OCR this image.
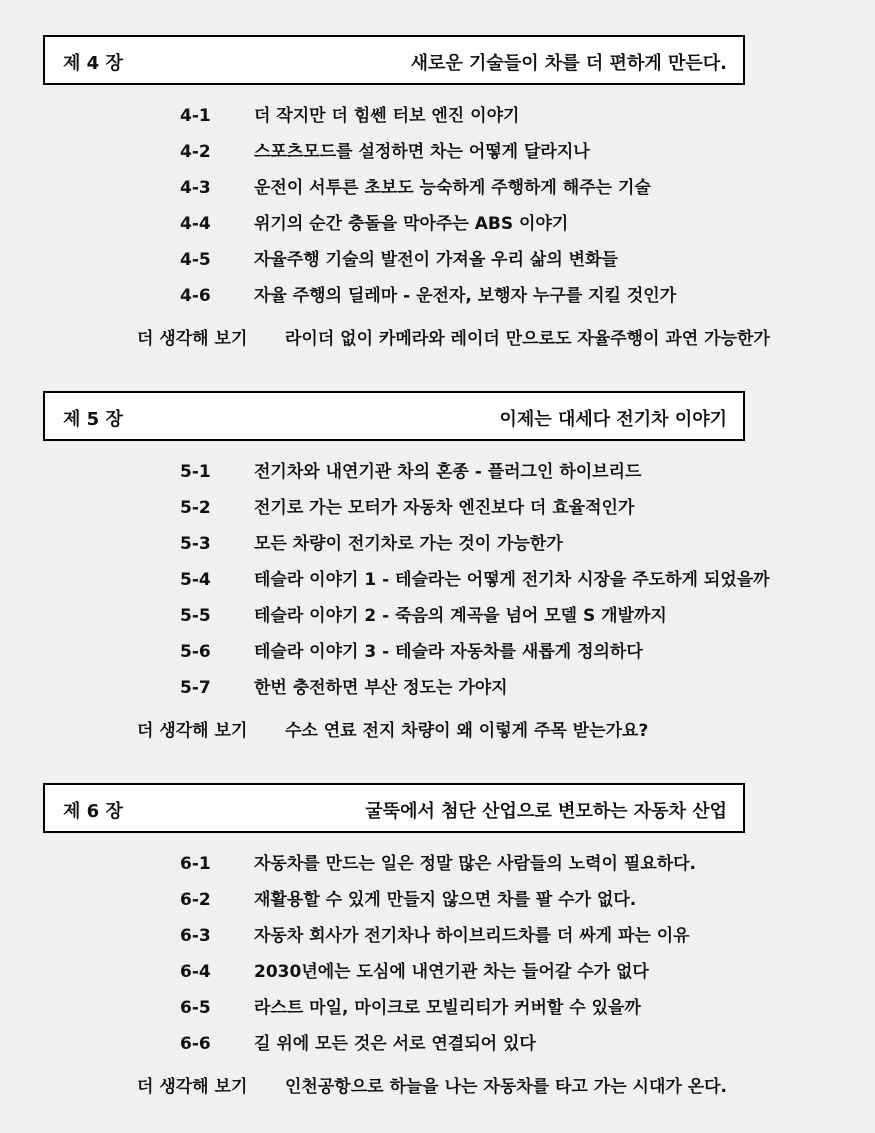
제 4 장	새로운 기술들이 차를 더 편하게 만든다.
4-1	더 작지만 더 힘쎈 터보 엔진 이야기
4-2	스포츠모드를 설정하면 차는 어떻게 달라지나
4-3	운전이 서투른 초보도 능숙하게 주행하게 해주는 기술
4-4	위기의 순간 충돌을 막아주는 ABS 이야기
4-5	자율주행 기술의 발전이 가져올 우리 삶의 변화들
4-6	자율 주행의 딜레마 - 운전자, 보행자 누구를 지킬 것인가
더 생각해 보기 라이더 없이 카메라와 레이더 만으로도 자율주행이 과연 가능한가
제 5 장	이제는 대세다 전기차 이야기
5-1	전기차와 내연기관 차의 혼종 - 플러그인 하이브리드
5-2	전기로 가는 모터가 자동차 엔진보다 더 효율적인가
5-3	모든 차량이 전기차로 가는 것이 가능한가
5-4	테슬라 이야기 1 - 테슬라는 어떻게 전기차 시장을 주도하게 되었을까
5-5	테슬라 이야기 2 - 죽음의 계곡을 넘어 모델 S 개발까지
5-6	테슬라 이야기 3 - 테슬라 자동차를 새롭게 정의하다
5-7	한번 충전하면 부산 정도는 가야지
더 생각해 보기 수소 연료 전지 차량이 왜 이렇게 주목 받는가요?
제 6 장	굴뚝에서 첨단 산업으로 변모하는 자동차 산업
6-1	자동차를 만드는 일은 정말 많은 사람들의 노력이 필요하다.
6-2	재활용할 수 있게 만들지 않으면 차를 팔 수가 없다.
6-3	자동차 회사가 전기차나 하이브리드차를 더 싸게 파는 이유
6-4	2030년에는 도심에 내연기관 차는 들어갈 수가 없다
6-5	라스트 마일, 마이크로 모빌리티가 커버할 수 있을까
6-6	길 위에 모든 것은 서로 연결되어 있다
더 생각해 보기 인천공항으로 하늘을 나는 자동차를 타고 가는 시대가 온다.
